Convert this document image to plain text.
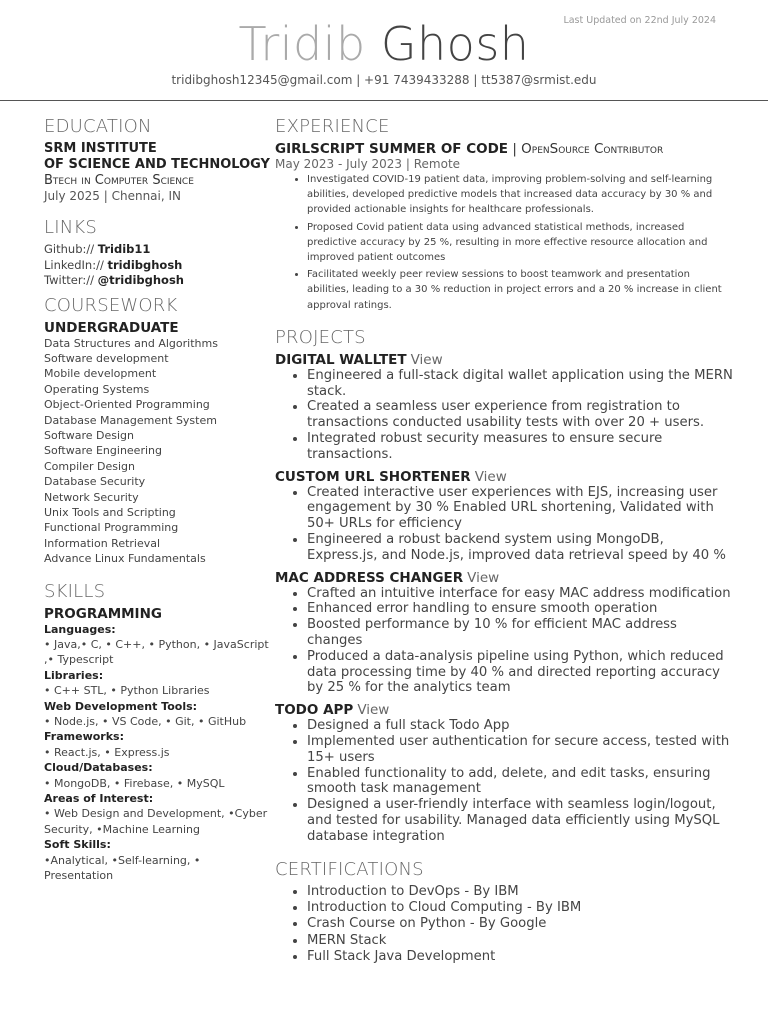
Last Updated on 22nd July 2024
Tridib Ghosh
tridibghosh12345@gmail.com | +91 7439433288 | tt5387@srmist.edu
EDUCATION
SRM INSTITUTE
OF SCIENCE AND TECHNOLOGY
Btech in Computer Science
July 2025 | Chennai, IN
LINKS
Github:// Tridib11
LinkedIn:// tridibghosh
Twitter:// @tridibghosh
COURSEWORK
UNDERGRADUATE
Data Structures and Algorithms
Software development
Mobile development
Operating Systems
Object-Oriented Programming
Database Management System
Software Design
Software Engineering
Compiler Design
Database Security
Network Security
Unix Tools and Scripting
Functional Programming
Information Retrieval
Advance Linux Fundamentals
SKILLS
PROGRAMMING
Languages:
• Java,• C, • C++, • Python, • JavaScript ,• Typescript
Libraries:
• C++ STL, • Python Libraries
Web Development Tools:
• Node.js, • VS Code, • Git, • GitHub
Frameworks:
• React.js, • Express.js
Cloud/Databases:
• MongoDB, • Firebase, • MySQL
Areas of Interest:
• Web Design and Development, •Cyber Security, •Machine Learning
Soft Skills:
•Analytical, •Self-learning, • Presentation
EXPERIENCE
GIRLSCRIPT SUMMER OF CODE | OpenSource Contributor
May 2023 - July 2023 | Remote
• Investigated COVID-19 patient data, improving problem-solving and self-learning abilities, developed predictive models that increased data accuracy by 30 % and provided actionable insights for healthcare professionals.
• Proposed Covid patient data using advanced statistical methods, increased predictive accuracy by 25 %, resulting in more effective resource allocation and improved patient outcomes
• Facilitated weekly peer review sessions to boost teamwork and presentation abilities, leading to a 30 % reduction in project errors and a 20 % increase in client approval ratings.
PROJECTS
DIGITAL WALLTET View
• Engineered a full-stack digital wallet application using the MERN stack.
• Created a seamless user experience from registration to transactions conducted usability tests with over 20 + users.
• Integrated robust security measures to ensure secure transactions.
CUSTOM URL SHORTENER View
• Created interactive user experiences with EJS, increasing user engagement by 30 % Enabled URL shortening, Validated with 50+ URLs for efficiency
• Engineered a robust backend system using MongoDB, Express.js, and Node.js, improved data retrieval speed by 40 %
MAC ADDRESS CHANGER View
• Crafted an intuitive interface for easy MAC address modification
• Enhanced error handling to ensure smooth operation
• Boosted performance by 10 % for efficient MAC address changes
• Produced a data-analysis pipeline using Python, which reduced data processing time by 40 % and directed reporting accuracy by 25 % for the analytics team
TODO APP View
• Designed a full stack Todo App
• Implemented user authentication for secure access, tested with 15+ users
• Enabled functionality to add, delete, and edit tasks, ensuring smooth task management
• Designed a user-friendly interface with seamless login/logout, and tested for usability. Managed data efficiently using MySQL database integration
CERTIFICATIONS
• Introduction to DevOps - By IBM
• Introduction to Cloud Computing - By IBM
• Crash Course on Python - By Google
• MERN Stack
• Full Stack Java Development
